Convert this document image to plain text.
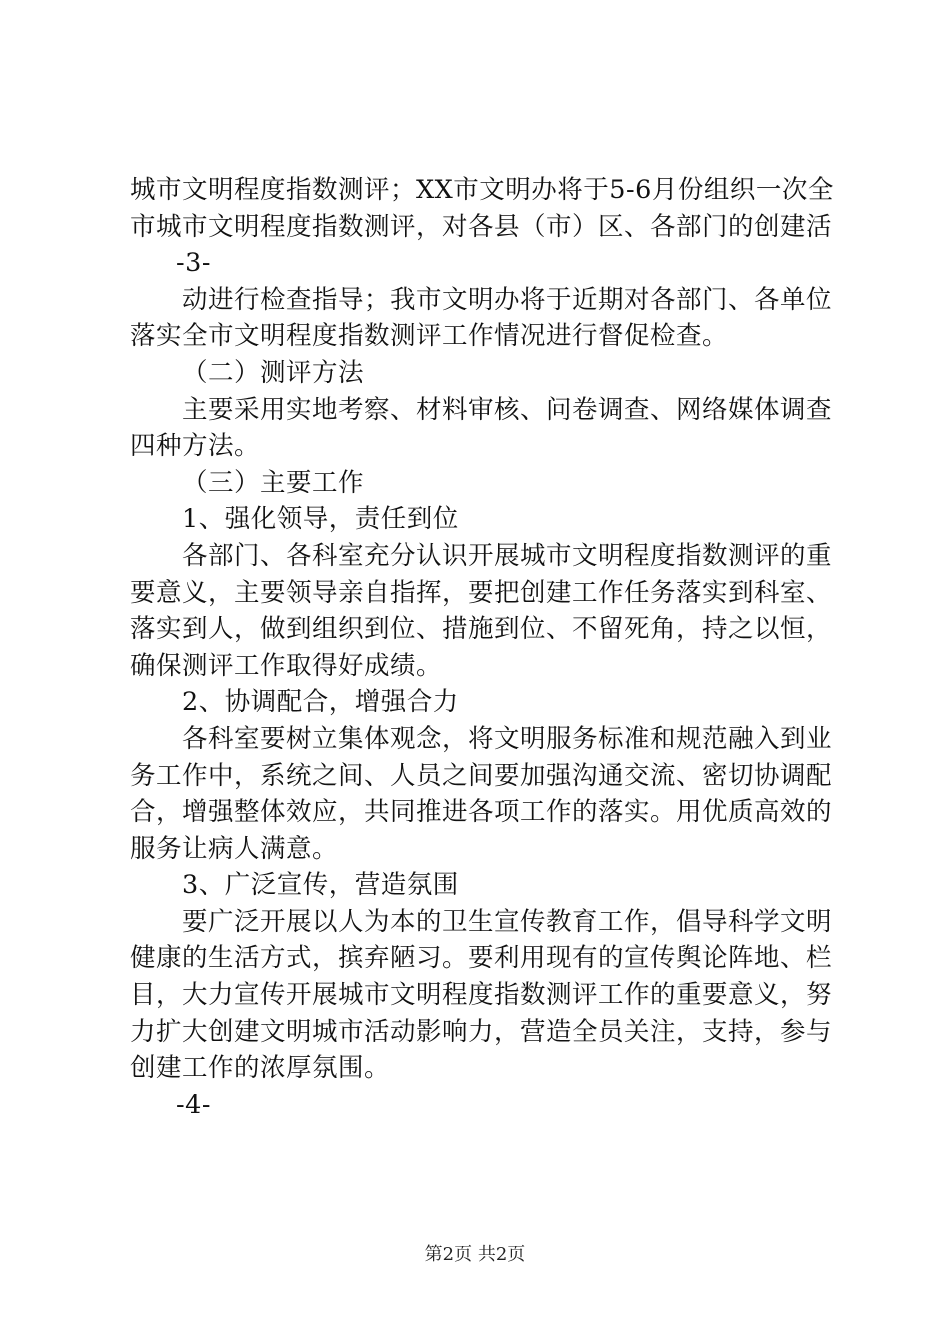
城市文明程度指数测评；XX市文明办将于5-6月份组织一次全
市城市文明程度指数测评，对各县（市）区、各部门的创建活
-3-
动进行检查指导；我市文明办将于近期对各部门、各单位
落实全市文明程度指数测评工作情况进行督促检查。
（二）测评方法
主要采用实地考察、材料审核、问卷调查、网络媒体调查
四种方法。
（三）主要工作
1、强化领导，责任到位
各部门、各科室充分认识开展城市文明程度指数测评的重
要意义，主要领导亲自指挥，要把创建工作任务落实到科室、
落实到人，做到组织到位、措施到位、不留死角，持之以恒，
确保测评工作取得好成绩。
2、协调配合，增强合力
各科室要树立集体观念，将文明服务标准和规范融入到业
务工作中，系统之间、人员之间要加强沟通交流、密切协调配
合，增强整体效应，共同推进各项工作的落实。用优质高效的
服务让病人满意。
3、广泛宣传，营造氛围
要广泛开展以人为本的卫生宣传教育工作，倡导科学文明
健康的生活方式，摈弃陋习。要利用现有的宣传舆论阵地、栏
目，大力宣传开展城市文明程度指数测评工作的重要意义，努
力扩大创建文明城市活动影响力，营造全员关注，支持，参与
创建工作的浓厚氛围。
-4-
第2页 共2页
